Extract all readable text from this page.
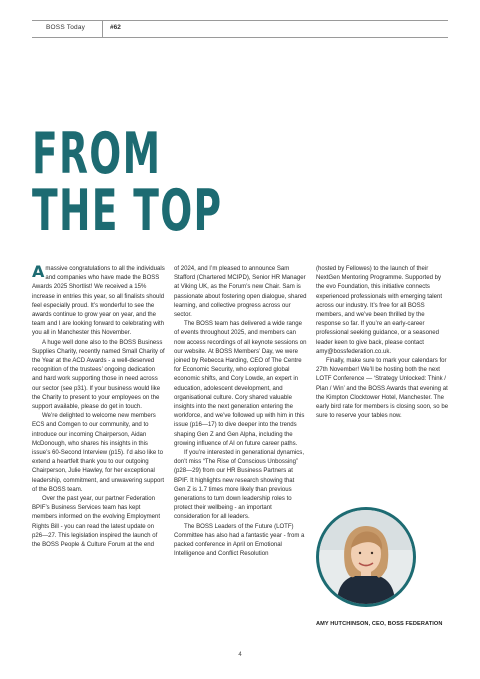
BOSS Today	#62
FROM
THE TOP

Amassive congratulations to all the individuals and companies who have made the BOSS Awards 2025 Shortlist! We received a 15% increase in entries this year, so all finalists should feel especially proud. It’s wonderful to see the awards continue to grow year on year, and the team and I are looking forward to celebrating with you all in Manchester this November.

A huge well done also to the BOSS Business Supplies Charity, recently named Small Charity of the Year at the ACD Awards - a well-deserved recognition of the trustees’ ongoing dedication and hard work supporting those in need across our sector (see p31). If your business would like the Charity to present to your employees on the support available, please do get in touch.

We’re delighted to welcome new members ECS and Comgen to our community, and to introduce our incoming Chairperson, Aidan McDonough, who shares his insights in this issue’s 60-Second Interview (p15). I’d also like to extend a heartfelt thank you to our outgoing Chairperson, Julie Hawley, for her exceptional leadership, commitment, and unwavering support of the BOSS team.

Over the past year, our partner Federation BPIF’s Business Services team has kept members informed on the evolving Employment Rights Bill - you can read the latest update on p26—27. This legislation inspired the launch of the BOSS People & Culture Forum at the end

of 2024, and I’m pleased to announce Sam Stafford (Chartered MCIPD), Senior HR Manager at Viking UK, as the Forum’s new Chair. Sam is passionate about fostering open dialogue, shared learning, and collective progress across our sector.

The BOSS team has delivered a wide range of events throughout 2025, and members can now access recordings of all keynote sessions on our website. At BOSS Members’ Day, we were joined by Rebecca Harding, CEO of The Centre for Economic Security, who explored global economic shifts, and Cory Lowde, an expert in education, adolescent development, and organisational culture. Cory shared valuable insights into the next generation entering the workforce, and we’ve followed up with him in this issue (p16—17) to dive deeper into the trends shaping Gen Z and Gen Alpha, including the growing influence of AI on future career paths.

If you’re interested in generational dynamics, don’t miss “The Rise of Conscious Unbossing” (p28—29) from our HR Business Partners at BPIF. It highlights new research showing that Gen Z is 1.7 times more likely than previous generations to turn down leadership roles to protect their wellbeing - an important consideration for all leaders.

The BOSS Leaders of the Future (LOTF) Committee has also had a fantastic year - from a packed conference in April on Emotional Intelligence and Conflict Resolution

(hosted by Fellowes) to the launch of their NextGen Mentoring Programme. Supported by the evo Foundation, this initiative connects experienced professionals with emerging talent across our industry. It’s free for all BOSS members, and we’ve been thrilled by the response so far. If you’re an early-career professional seeking guidance, or a seasoned leader keen to give back, please contact amy@bossfederation.co.uk.

Finally, make sure to mark your calendars for 27th November! We’ll be hosting both the next LOTF Conference — ‘Strategy Unlocked: Think / Plan / Win’ and the BOSS Awards that evening at the Kimpton Clocktower Hotel, Manchester. The early bird rate for members is closing soon, so be sure to reserve your tables now.

AMY HUTCHINSON, CEO, BOSS FEDERATION
4
